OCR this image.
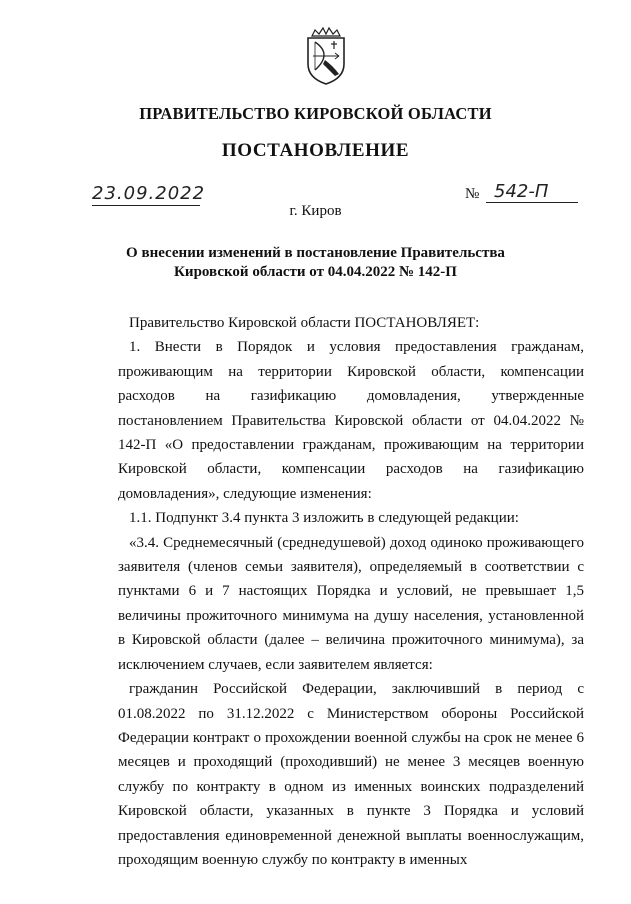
ПРАВИТЕЛЬСТВО КИРОВСКОЙ ОБЛАСТИ
ПОСТАНОВЛЕНИЕ
23.09.2022	№ 542-П
г. Киров
О внесении изменений в постановление Правительства
Кировской области от 04.04.2022 № 142-П

Правительство Кировской области ПОСТАНОВЛЯЕТ:

1. Внести в Порядок и условия предоставления гражданам, проживающим на территории Кировской области, компенсации расходов на газификацию домовладения, утвержденные постановлением Правительства Кировской области от 04.04.2022 № 142-П «О предоставлении гражданам, проживающим на территории Кировской области, компенсации расходов на газификацию домовладения», следующие изменения:

1.1. Подпункт 3.4 пункта 3 изложить в следующей редакции:

«3.4. Среднемесячный (среднедушевой) доход одиноко проживающего заявителя (членов семьи заявителя), определяемый в соответствии с пунктами 6 и 7 настоящих Порядка и условий, не превышает 1,5 величины прожиточного минимума на душу населения, установленной в Кировской области (далее – величина прожиточного минимума), за исключением случаев, если заявителем является:

гражданин Российской Федерации, заключивший в период с 01.08.2022 по 31.12.2022 с Министерством обороны Российской Федерации контракт о прохождении военной службы на срок не менее 6 месяцев и проходящий (проходивший) не менее 3 месяцев военную службу по контракту в одном из именных воинских подразделений Кировской области, указанных в пункте 3 Порядка и условий предоставления единовременной денежной выплаты военнослужащим, проходящим военную службу по контракту в именных
